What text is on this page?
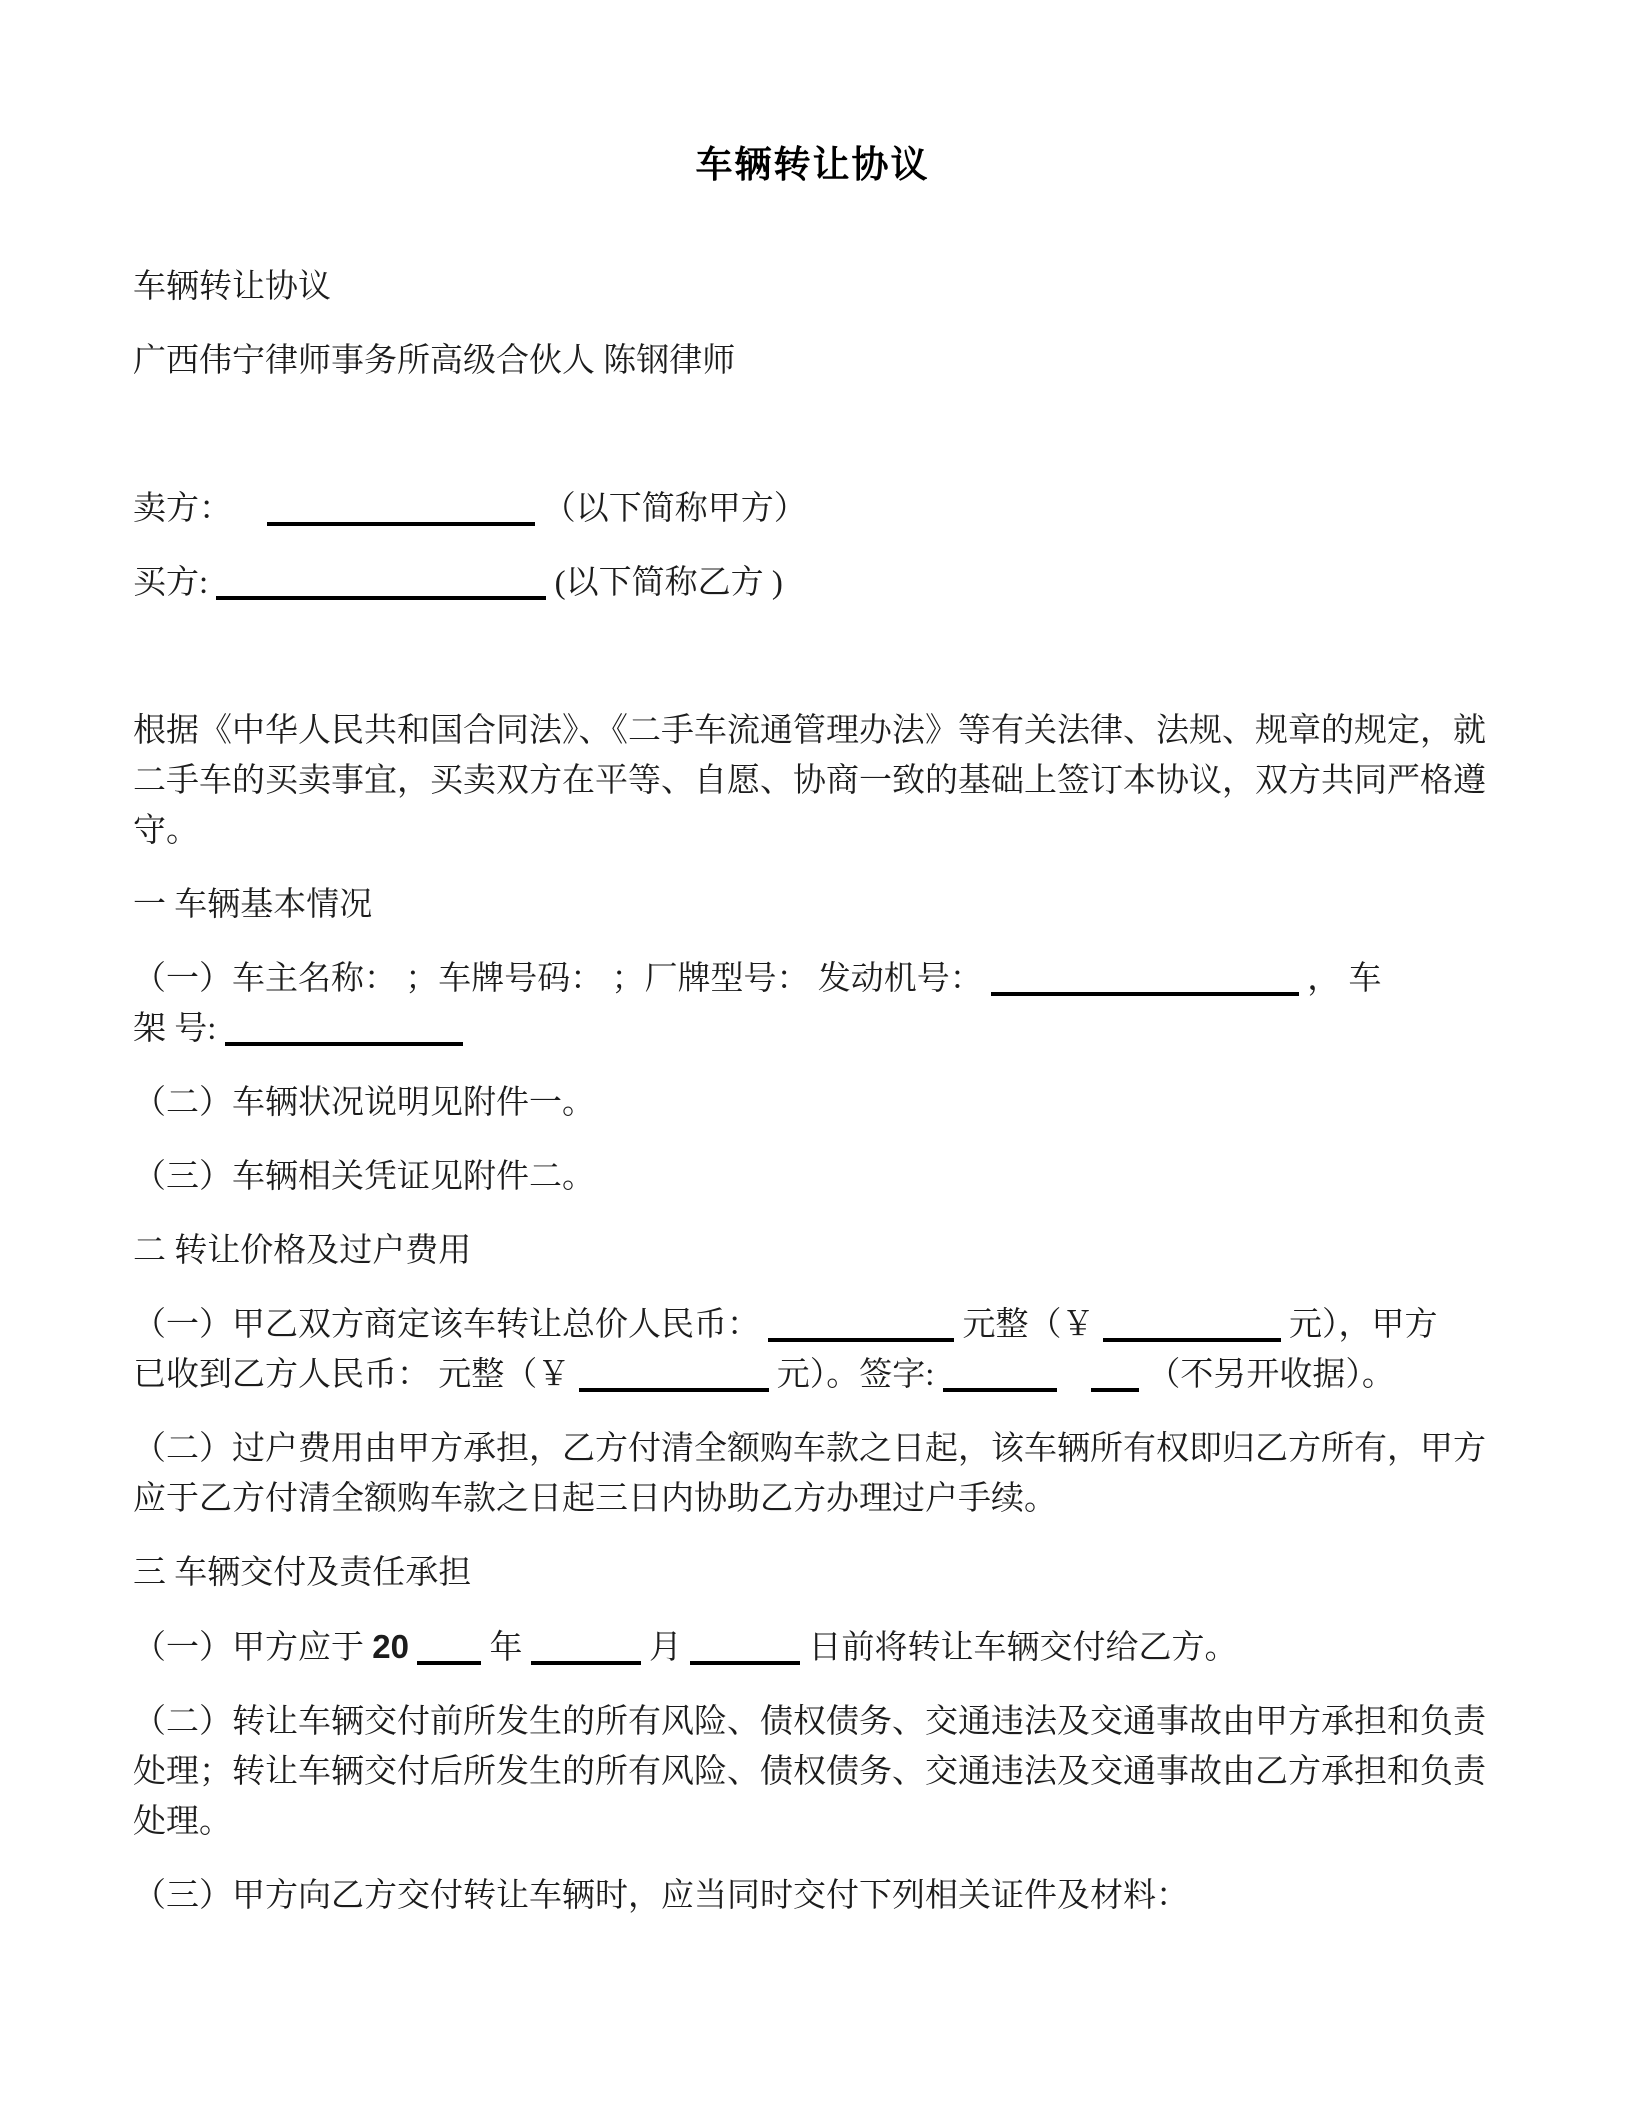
车辆转让协议

车辆转让协议

广西伟宁律师事务所高级合伙人 陈钢律师

卖方：	（以下简称甲方）

买方:	(以下简称乙方 )

根据《中华人民共和国合同法》、《二手车流通管理办法》等有关法律、法规、规章的规定，就二手车的买卖事宜，买卖双方在平等、自愿、协商一致的基础上签订本协议，双方共同严格遵守。

一 车辆基本情况

（一）车主名称： ；车牌号码： ；厂牌型号： 发动机号：	， 车
架 号:

（二）车辆状况说明见附件一。

（三）车辆相关凭证见附件二。

二 转让价格及过户费用

（一）甲乙双方商定该车转让总价人民币：	元整（￥	元），甲方
已收到乙方人民币： 元整（￥	元）。签字:	（不另开收据）。

（二）过户费用由甲方承担，乙方付清全额购车款之日起，该车辆所有权即归乙方所有，甲方应于乙方付清全额购车款之日起三日内协助乙方办理过户手续。

三 车辆交付及责任承担

（一）甲方应于 20 年	月	日前将转让车辆交付给乙方。

（二）转让车辆交付前所发生的所有风险、债权债务、交通违法及交通事故由甲方承担和负责处理；转让车辆交付后所发生的所有风险、债权债务、交通违法及交通事故由乙方承担和负责处理。

（三）甲方向乙方交付转让车辆时，应当同时交付下列相关证件及材料：
